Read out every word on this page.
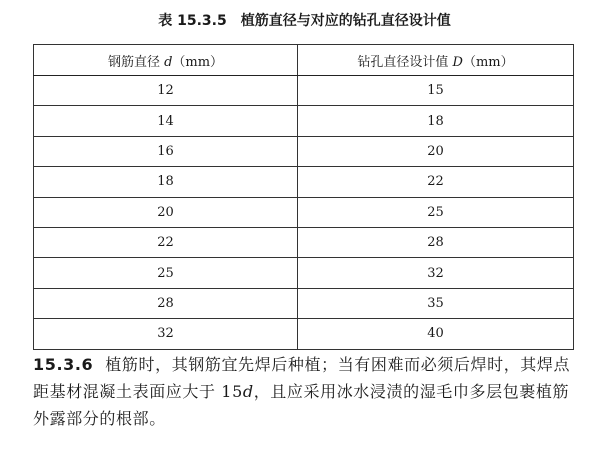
表 15.3.5 植筋直径与对应的钻孔直径设计值
钢筋直径 d（mm）	钻孔直径设计值 D（mm）
12	15
14	18
16	20
18	22
20	25
22	28
25	32
28	35
32	40
15.3.6 植筋时，其钢筋宜先焊后种植；当有困难而必须后焊时，其焊点距基材混凝土表面应大于 15d，且应采用冰水浸渍的湿毛巾多层包裹植筋外露部分的根部。
